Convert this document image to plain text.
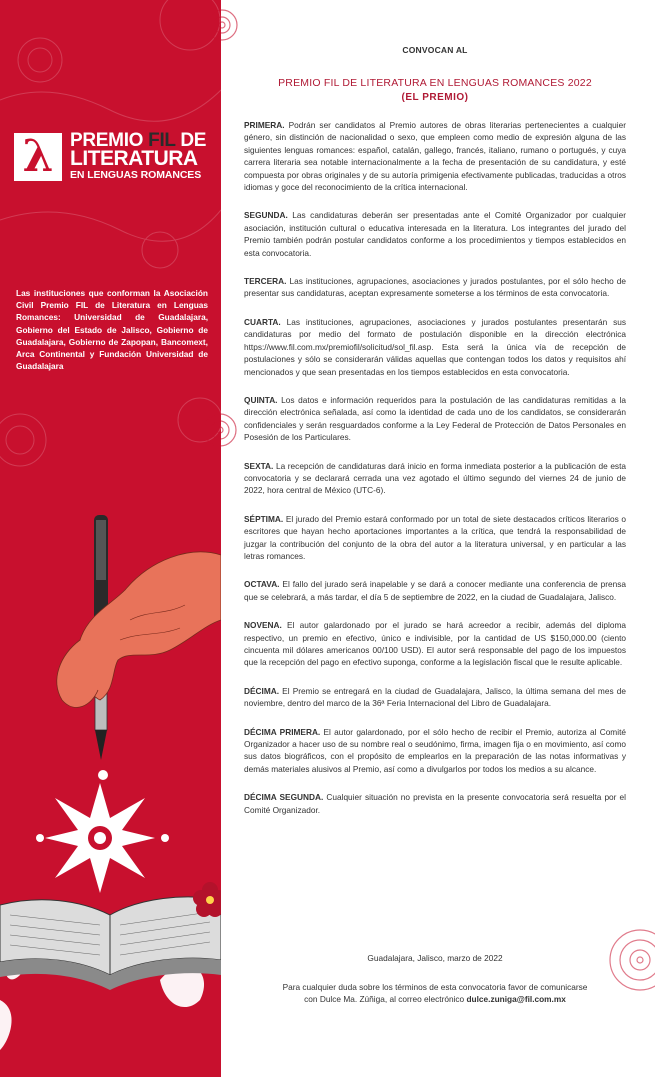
λ PREMIO FIL DE
LITERATURA
EN LENGUAS ROMANCES
Las instituciones que conforman la Asociación Civil Premio FIL de Literatura en Lenguas Romances: Universidad de Guadalajara, Gobierno del Estado de Jalisco, Gobierno de Guadalajara, Gobierno de Zapopan, Bancomext, Arca Continental y Fundación Universidad de Guadalajara
CONVOCAN AL
PREMIO FIL DE LITERATURA EN LENGUAS ROMANCES 2022
(EL PREMIO)

PRIMERA. Podrán ser candidatos al Premio autores de obras literarias pertenecientes a cualquier género, sin distinción de nacionalidad o sexo, que empleen como medio de expresión alguna de las siguientes lenguas romances: español, catalán, gallego, francés, italiano, rumano o portugués, y cuya carrera literaria sea notable internacionalmente a la fecha de presentación de su candidatura, y esté compuesta por obras originales y de su autoría primigenia efectivamente publicadas, traducidas a otros idiomas y goce del reconocimiento de la crítica internacional.

SEGUNDA. Las candidaturas deberán ser presentadas ante el Comité Organizador por cualquier asociación, institución cultural o educativa interesada en la literatura. Los integrantes del jurado del Premio también podrán postular candidatos conforme a los procedimientos y tiempos establecidos en esta convocatoria.

TERCERA. Las instituciones, agrupaciones, asociaciones y jurados postulantes, por el sólo hecho de presentar sus candidaturas, aceptan expresamente someterse a los términos de esta convocatoria.

CUARTA. Las instituciones, agrupaciones, asociaciones y jurados postulantes presentarán sus candidaturas por medio del formato de postulación disponible en la dirección electrónica https://www.fil.com.mx/premiofil/solicitud/sol_fil.asp. Esta será la única vía de recepción de postulaciones y sólo se considerarán válidas aquellas que contengan todos los datos y requisitos ahí mencionados y que sean presentadas en los tiempos establecidos en esta convocatoria.

QUINTA. Los datos e información requeridos para la postulación de las candidaturas remitidas a la dirección electrónica señalada, así como la identidad de cada uno de los candidatos, se considerarán confidenciales y serán resguardados conforme a la Ley Federal de Protección de Datos Personales en Posesión de los Particulares.

SEXTA. La recepción de candidaturas dará inicio en forma inmediata posterior a la publicación de esta convocatoria y se declarará cerrada una vez agotado el último segundo del viernes 24 de junio de 2022, hora central de México (UTC-6).

SÉPTIMA. El jurado del Premio estará conformado por un total de siete destacados críticos literarios o escritores que hayan hecho aportaciones importantes a la crítica, que tendrá la responsabilidad de juzgar la contribución del conjunto de la obra del autor a la literatura universal, y en particular a las letras romances.

OCTAVA. El fallo del jurado será inapelable y se dará a conocer mediante una conferencia de prensa que se celebrará, a más tardar, el día 5 de septiembre de 2022, en la ciudad de Guadalajara, Jalisco.

NOVENA. El autor galardonado por el jurado se hará acreedor a recibir, además del diploma respectivo, un premio en efectivo, único e indivisible, por la cantidad de US $150,000.00 (ciento cincuenta mil dólares americanos 00/100 USD). El autor será responsable del pago de los impuestos que la recepción del pago en efectivo suponga, conforme a la legislación fiscal que le resulte aplicable.

DÉCIMA. El Premio se entregará en la ciudad de Guadalajara, Jalisco, la última semana del mes de noviembre, dentro del marco de la 36ª Feria Internacional del Libro de Guadalajara.

DÉCIMA PRIMERA. El autor galardonado, por el sólo hecho de recibir el Premio, autoriza al Comité Organizador a hacer uso de su nombre real o seudónimo, firma, imagen fija o en movimiento, así como sus datos biográficos, con el propósito de emplearlos en la preparación de las notas informativas y demás materiales alusivos al Premio, así como a divulgarlos por todos los medios a su alcance.

DÉCIMA SEGUNDA. Cualquier situación no prevista en la presente convocatoria será resuelta por el Comité Organizador.

Guadalajara, Jalisco, marzo de 2022
Para cualquier duda sobre los términos de esta convocatoria favor de comunicarse
con Dulce Ma. Zúñiga, al correo electrónico dulce.zuniga@fil.com.mx
